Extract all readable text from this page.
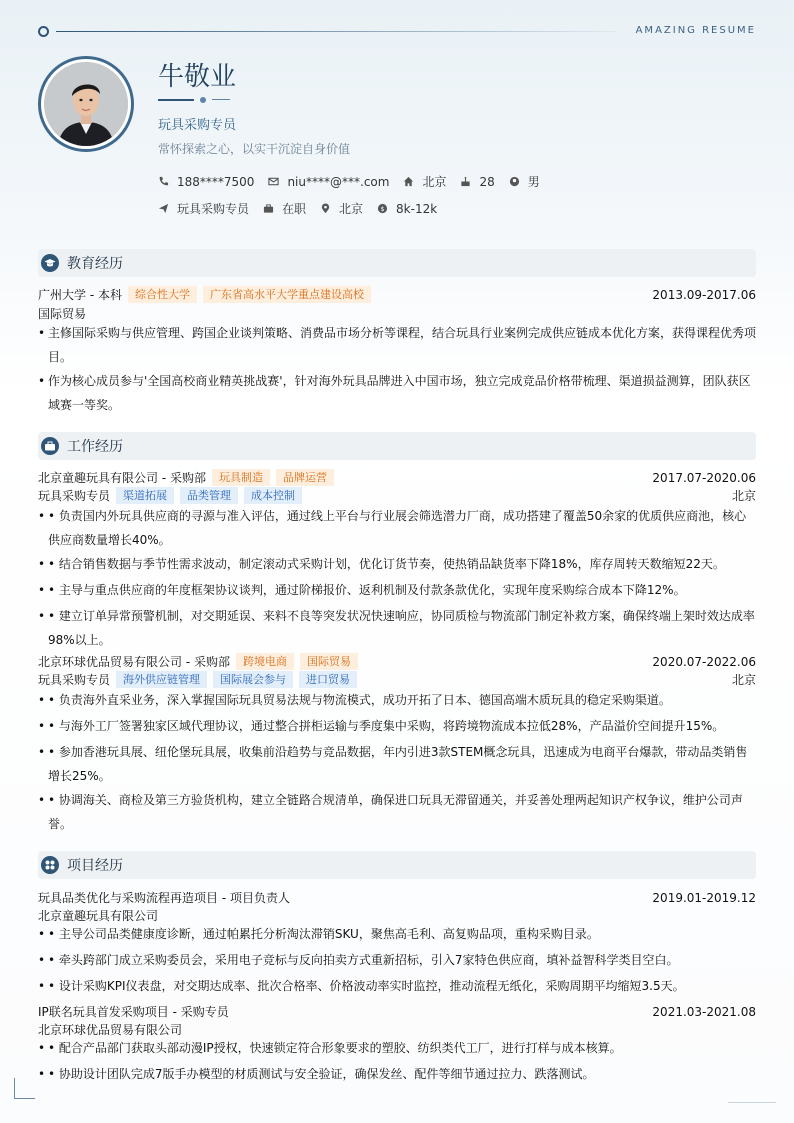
AMAZING RESUME
牛敬业
玩具采购专员
常怀探索之心，以实干沉淀自身价值
188****7500	niu****@***.com	北京	28	男
玩具采购专员	在职	北京 $ 8k-12k
教育经历
广州大学 - 本科	综合性大学	广东省高水平大学重点建设高校	2013.09-2017.06
国际贸易
• 主修国际采购与供应管理、跨国企业谈判策略、消费品市场分析等课程，结合玩具行业案例完成供应链成本优化方案，获得课程优秀项目。
• 作为核心成员参与'全国高校商业精英挑战赛'，针对海外玩具品牌进入中国市场，独立完成竞品价格带梳理、渠道损益测算，团队获区域赛一等奖。
工作经历
北京童趣玩具有限公司 - 采购部	玩具制造	品牌运营	2017.07-2020.06
玩具采购专员	渠道拓展	品类管理	成本控制	北京
• • 负责国内外玩具供应商的寻源与准入评估，通过线上平台与行业展会筛选潜力厂商，成功搭建了覆盖50余家的优质供应商池，核心供应商数量增长40%。
• • 结合销售数据与季节性需求波动，制定滚动式采购计划，优化订货节奏，使热销品缺货率下降18%，库存周转天数缩短22天。
• • 主导与重点供应商的年度框架协议谈判，通过阶梯报价、返利机制及付款条款优化，实现年度采购综合成本下降12%。
• • 建立订单异常预警机制，对交期延误、来料不良等突发状况快速响应，协同质检与物流部门制定补救方案，确保终端上架时效达成率98%以上。
北京环球优品贸易有限公司 - 采购部	跨境电商	国际贸易	2020.07-2022.06
玩具采购专员	海外供应链管理	国际展会参与	进口贸易	北京
• • 负责海外直采业务，深入掌握国际玩具贸易法规与物流模式，成功开拓了日本、德国高端木质玩具的稳定采购渠道。
• • 与海外工厂签署独家区域代理协议，通过整合拼柜运输与季度集中采购，将跨境物流成本拉低28%，产品溢价空间提升15%。
• • 参加香港玩具展、纽伦堡玩具展，收集前沿趋势与竞品数据，年内引进3款STEM概念玩具，迅速成为电商平台爆款，带动品类销售增长25%。
• • 协调海关、商检及第三方验货机构，建立全链路合规清单，确保进口玩具无滞留通关，并妥善处理两起知识产权争议，维护公司声誉。
项目经历
玩具品类优化与采购流程再造项目 - 项目负责人	2019.01-2019.12
北京童趣玩具有限公司
• • 主导公司品类健康度诊断，通过帕累托分析淘汰滞销SKU，聚焦高毛利、高复购品项，重构采购目录。
• • 牵头跨部门成立采购委员会，采用电子竞标与反向拍卖方式重新招标，引入7家特色供应商，填补益智科学类目空白。
• • 设计采购KPI仪表盘，对交期达成率、批次合格率、价格波动率实时监控，推动流程无纸化，采购周期平均缩短3.5天。
IP联名玩具首发采购项目 - 采购专员	2021.03-2021.08
北京环球优品贸易有限公司
• • 配合产品部门获取头部动漫IP授权，快速锁定符合形象要求的塑胶、纺织类代工厂，进行打样与成本核算。
• • 协助设计团队完成7版手办模型的材质测试与安全验证，确保发丝、配件等细节通过拉力、跌落测试。
